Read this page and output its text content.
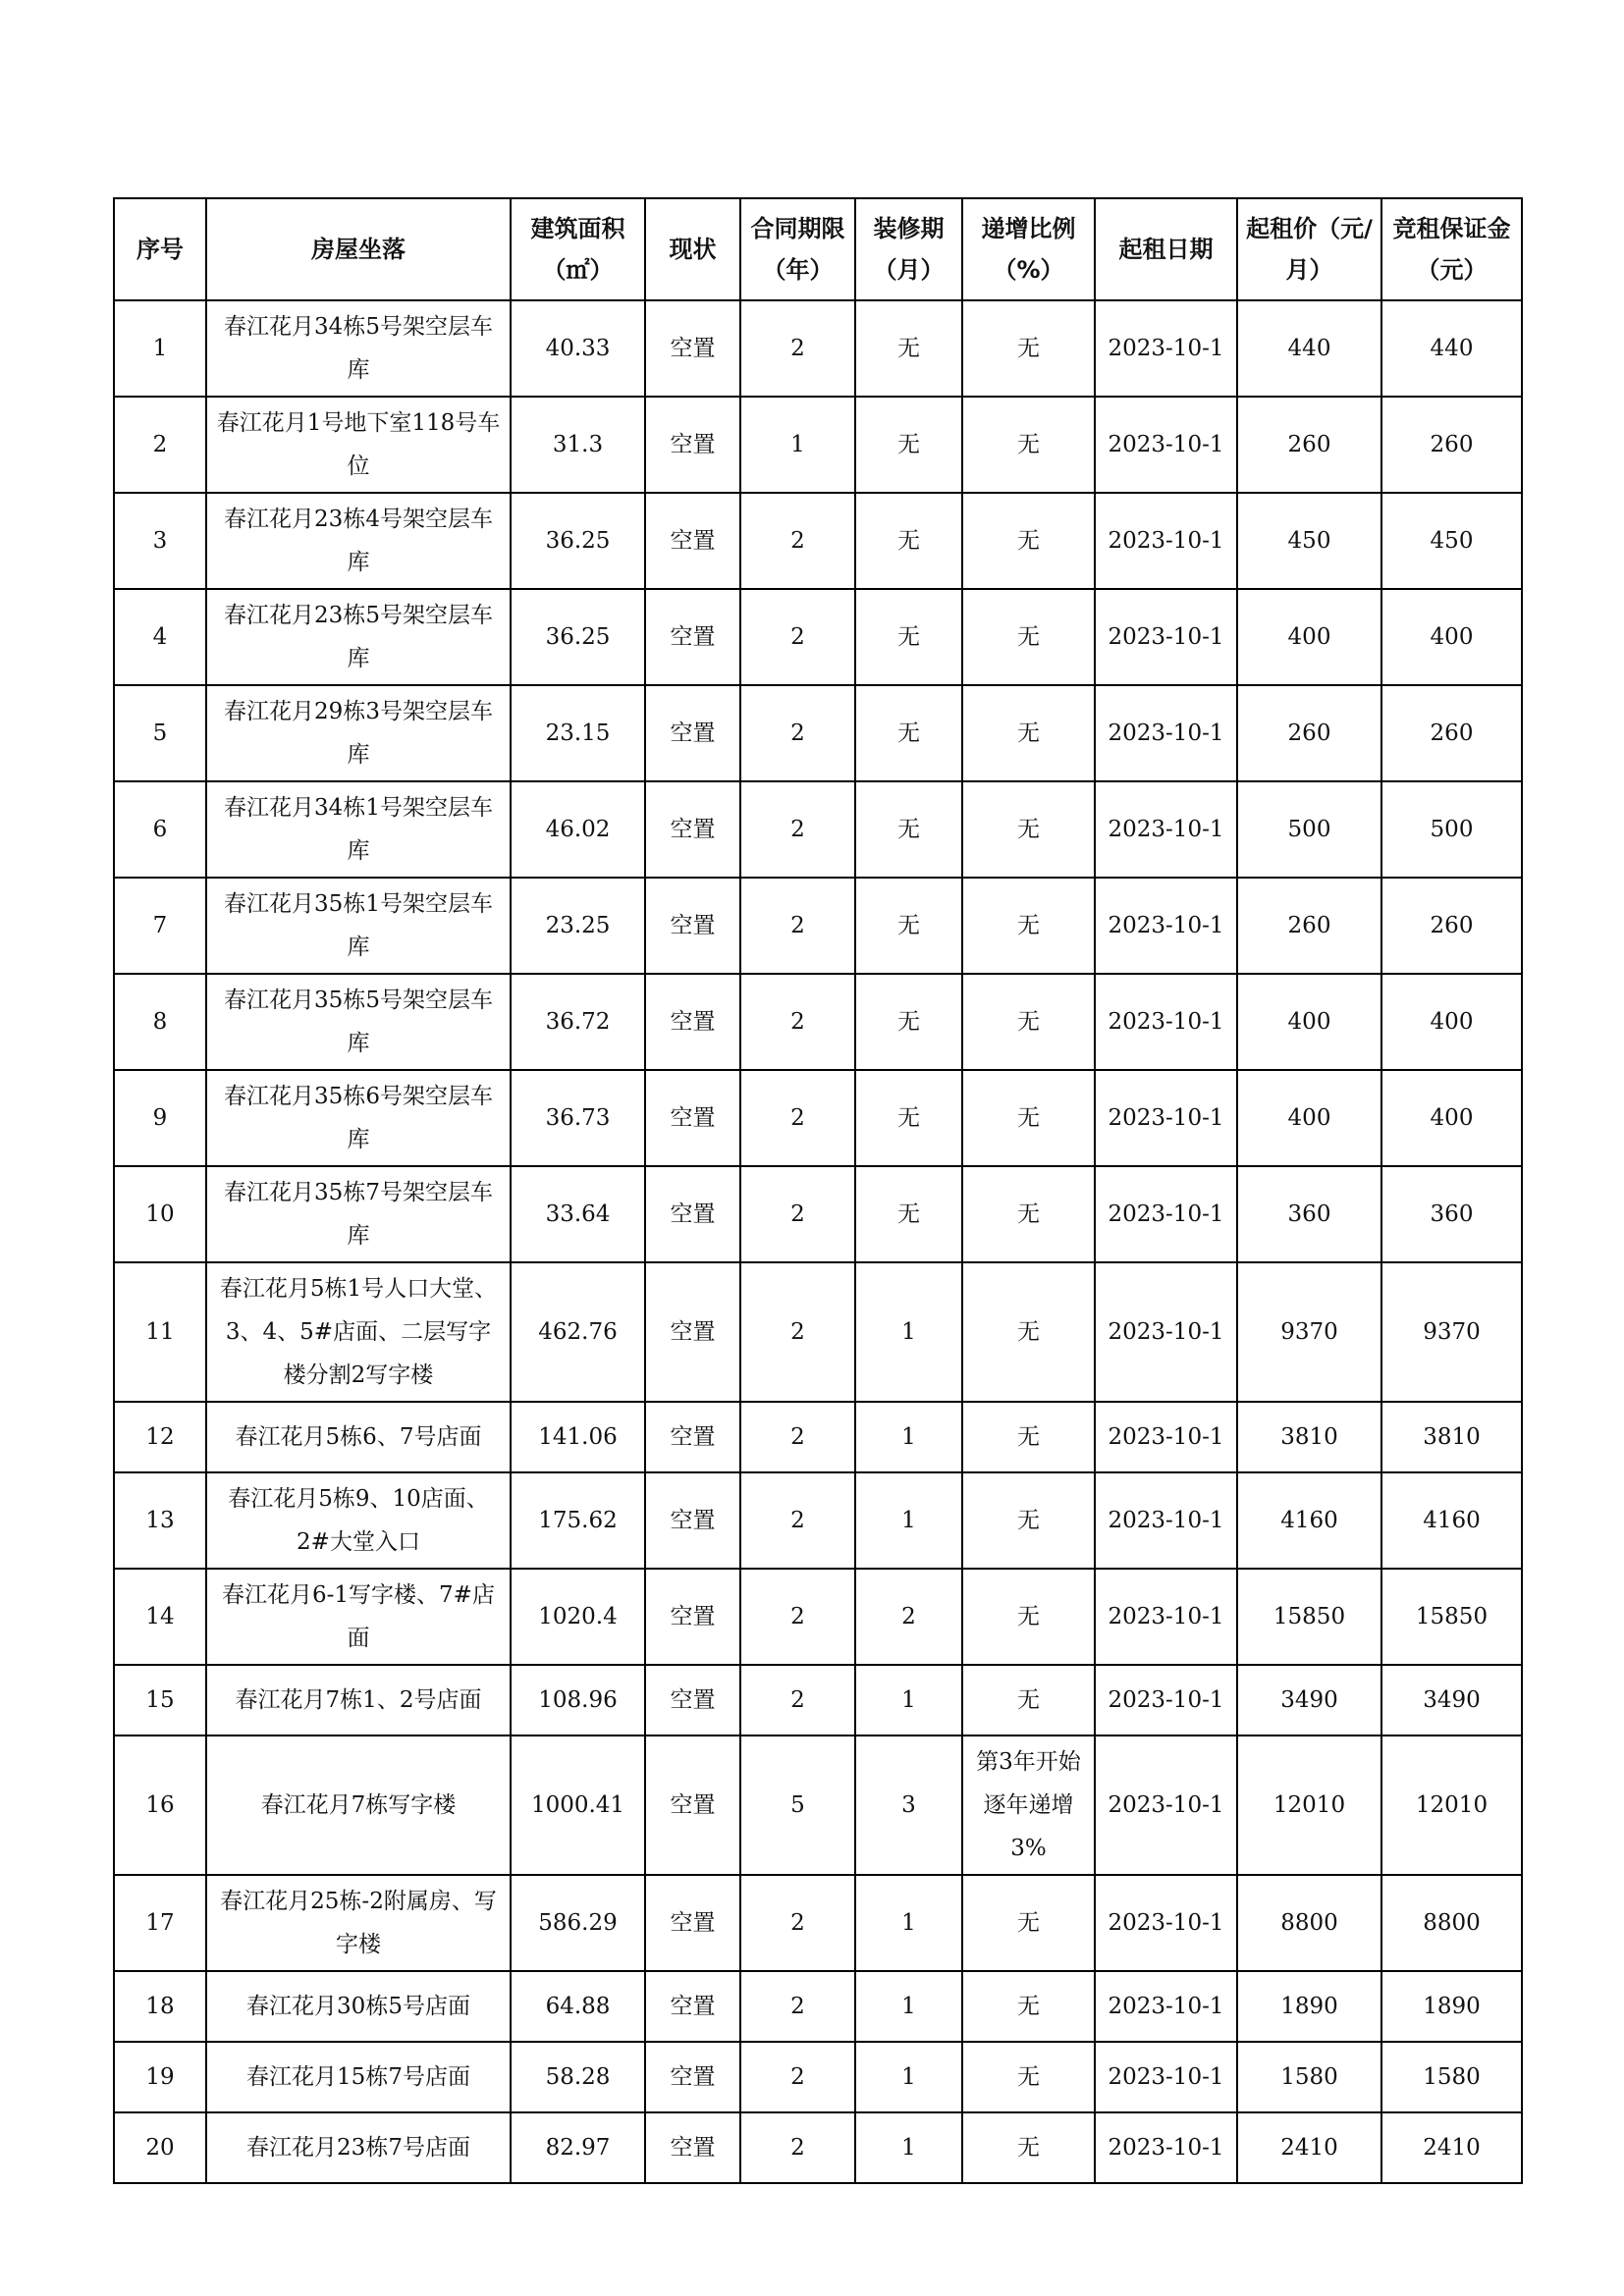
序号	房屋坐落	建筑面积（㎡）	现状	合同期限（年）	装修期（月）	递增比例（%）	起租日期	起租价（元/月）	竞租保证金（元）
1	春江花月34栋5号架空层车库	40.33	空置	2	无	无	2023-10-1	440	440
2	春江花月1号地下室118号车位	31.3	空置	1	无	无	2023-10-1	260	260
3	春江花月23栋4号架空层车库	36.25	空置	2	无	无	2023-10-1	450	450
4	春江花月23栋5号架空层车库	36.25	空置	2	无	无	2023-10-1	400	400
5	春江花月29栋3号架空层车库	23.15	空置	2	无	无	2023-10-1	260	260
6	春江花月34栋1号架空层车库	46.02	空置	2	无	无	2023-10-1	500	500
7	春江花月35栋1号架空层车库	23.25	空置	2	无	无	2023-10-1	260	260
8	春江花月35栋5号架空层车库	36.72	空置	2	无	无	2023-10-1	400	400
9	春江花月35栋6号架空层车库	36.73	空置	2	无	无	2023-10-1	400	400
10	春江花月35栋7号架空层车库	33.64	空置	2	无	无	2023-10-1	360	360
11	春江花月5栋1号人口大堂、3、4、5#店面、二层写字楼分割2写字楼	462.76	空置	2	1	无	2023-10-1	9370	9370
12	春江花月5栋6、7号店面	141.06	空置	2	1	无	2023-10-1	3810	3810
13	春江花月5栋9、10店面、2#大堂入口	175.62	空置	2	1	无	2023-10-1	4160	4160
14	春江花月6-1写字楼、7#店面	1020.4	空置	2	2	无	2023-10-1	15850	15850
15	春江花月7栋1、2号店面	108.96	空置	2	1	无	2023-10-1	3490	3490
16	春江花月7栋写字楼	1000.41	空置	5	3	第3年开始逐年递增3%	2023-10-1	12010	12010
17	春江花月25栋-2附属房、写字楼	586.29	空置	2	1	无	2023-10-1	8800	8800
18	春江花月30栋5号店面	64.88	空置	2	1	无	2023-10-1	1890	1890
19	春江花月15栋7号店面	58.28	空置	2	1	无	2023-10-1	1580	1580
20	春江花月23栋7号店面	82.97	空置	2	1	无	2023-10-1	2410	2410
